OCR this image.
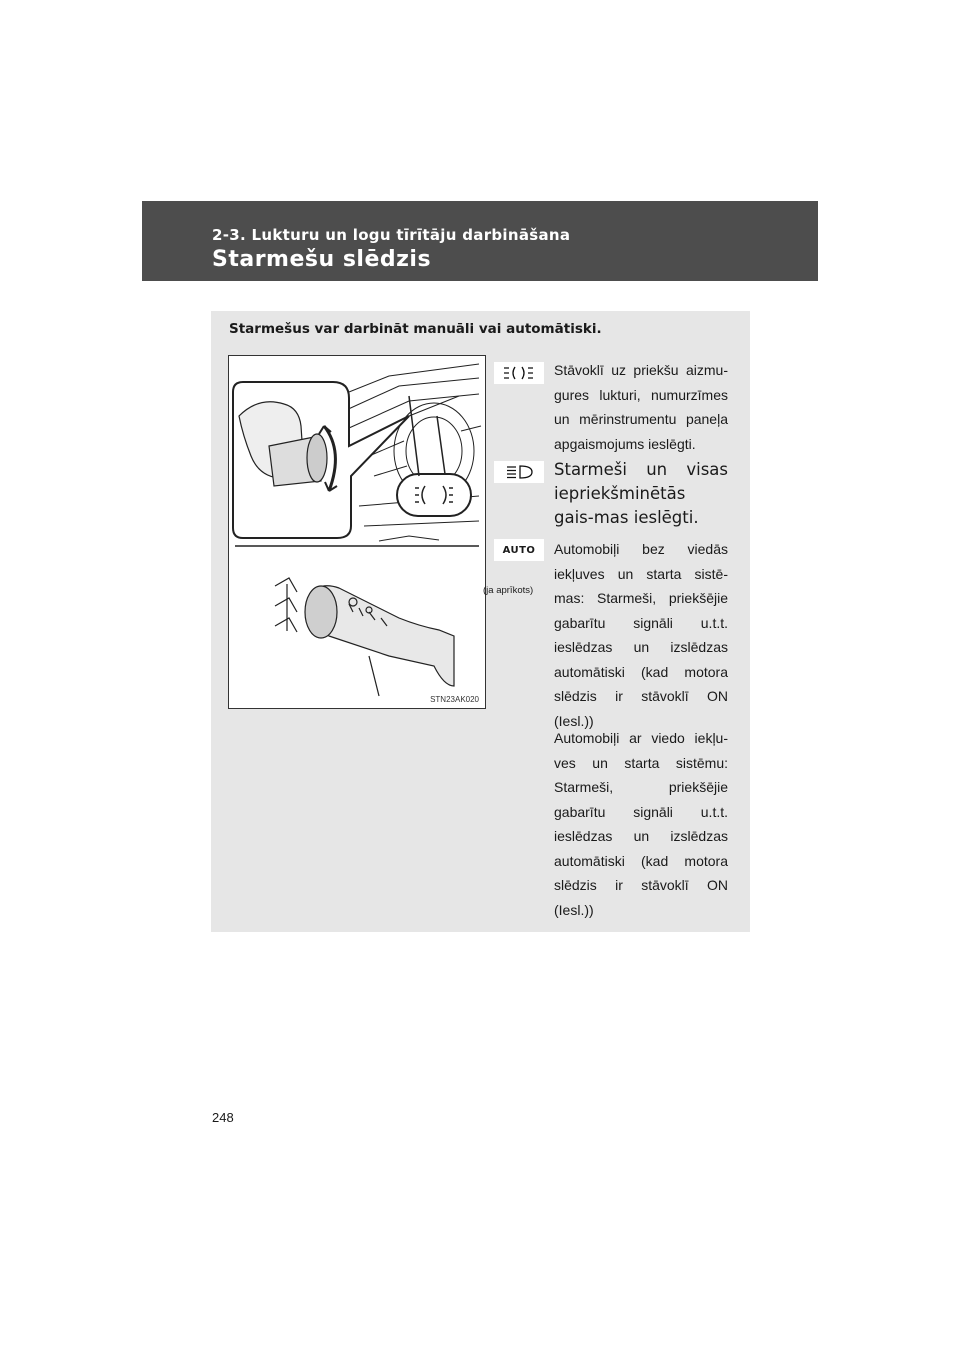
2-3. Lukturu un logu tīrītāju darbināšana
Starmešu slēdzis
Starmešus var darbināt manuāli vai automātiski.
STN23AK020
Stāvoklī uz priekšu aizmu-gures lukturi, numurzīmes un mērinstrumentu paneļa apgaismojums ieslēgti.
Starmeši un visas iepriekšminētās gais-mas ieslēgti.
AUTO
(ja aprīkots)
Automobiļi bez viedās iekļuves un starta sistē-mas: Starmeši, priekšējie gabarītu signāli u.t.t. ieslēdzas un izslēdzas automātiski (kad motora slēdzis ir stāvoklī ON (Iesl.))
Automobiļi ar viedo iekļu-ves un starta sistēmu: Starmeši, priekšējie gabarītu signāli u.t.t. ieslēdzas un izslēdzas automātiski (kad motora slēdzis ir stāvoklī ON (Iesl.))
248
